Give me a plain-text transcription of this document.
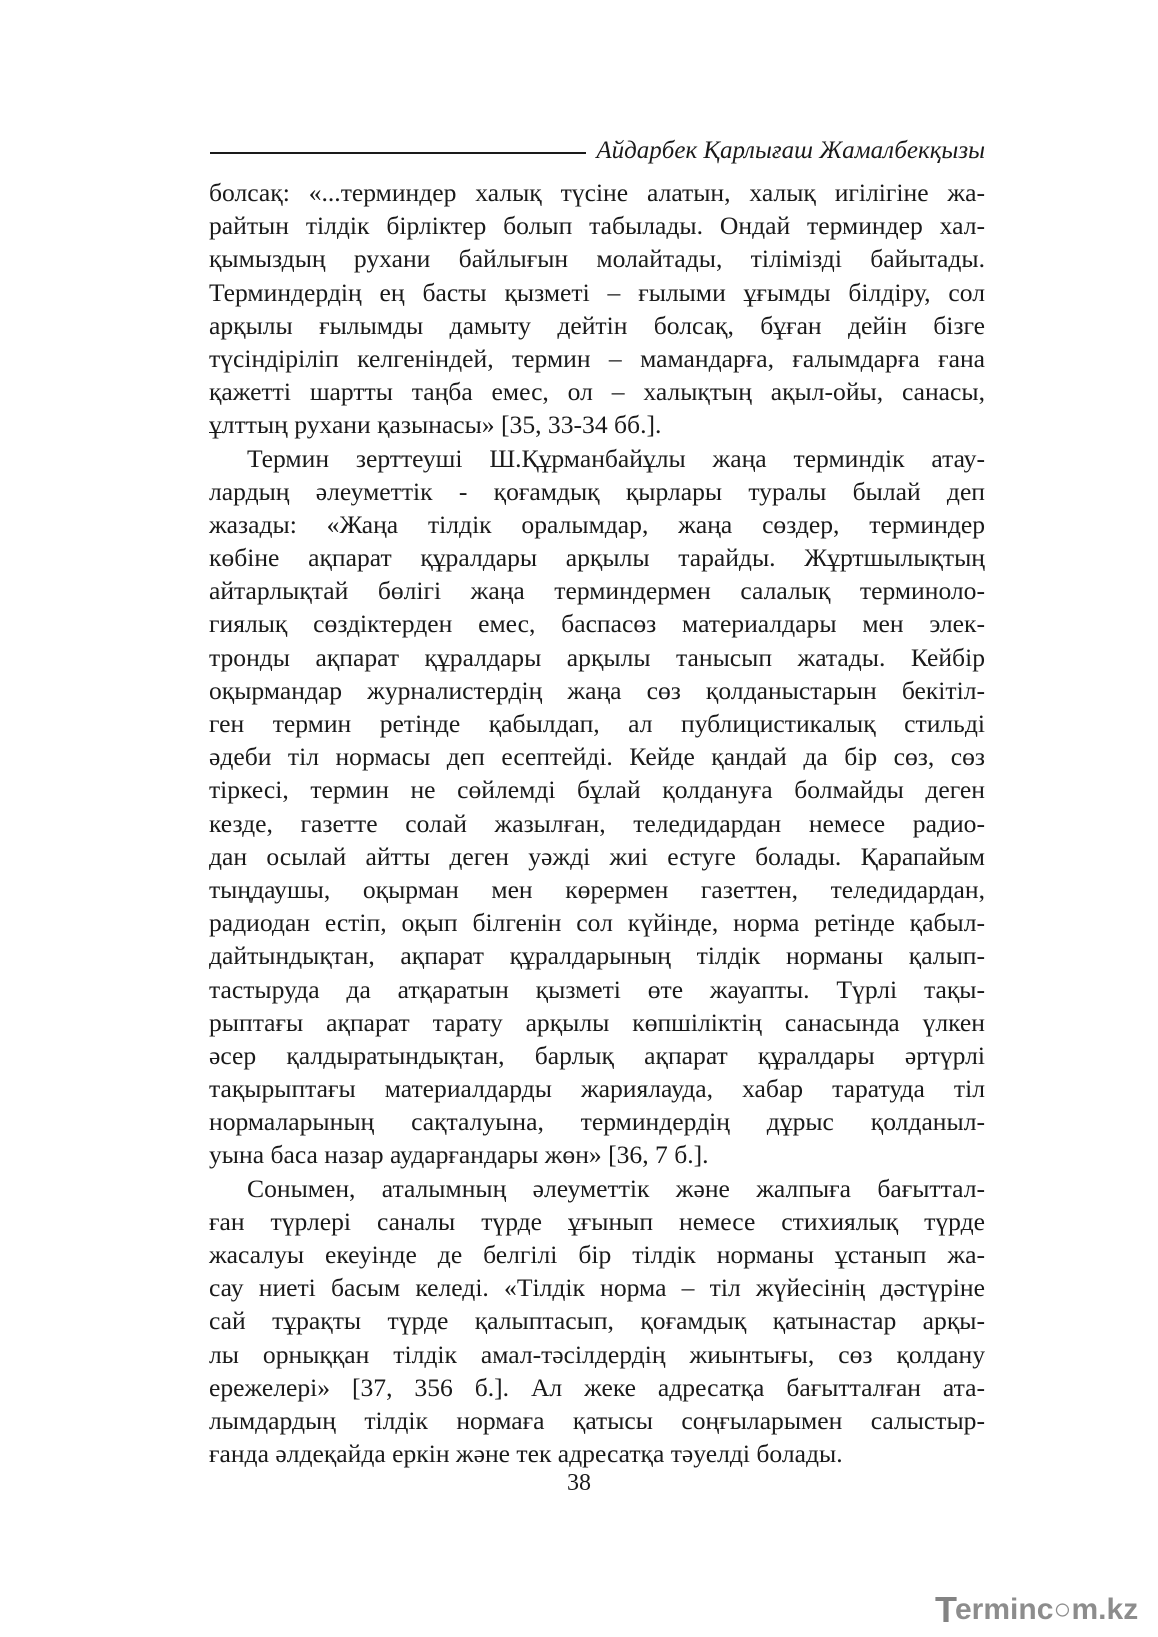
Айдарбек Қарлығаш Жамалбекқызы
болсақ: «...терминдер халық түсіне алатын, халық игілігіне жа-
райтын тілдік бірліктер болып табылады. Ондай терминдер хал-
қымыздың рухани байлығын молайтады, тілімізді байытады.
Терминдердің ең басты қызметі – ғылыми ұғымды білдіру, сол
арқылы ғылымды дамыту дейтін болсақ, бұған дейін бізге
түсіндіріліп келгеніндей, термин – мамандарға, ғалымдарға ғана
қажетті шартты таңба емес, ол – халықтың ақыл-ойы, санасы,
ұлттың рухани қазынасы» [35, 33-34 бб.].
Термин зерттеуші Ш.Құрманбайұлы жаңа терминдік атау-
лардың әлеуметтік - қоғамдық қырлары туралы былай деп
жазады: «Жаңа тілдік оралымдар, жаңа сөздер, терминдер
көбіне ақпарат құралдары арқылы тарайды. Жұртшылықтың
айтарлықтай бөлігі жаңа терминдермен салалық терминоло-
гиялық сөздіктерден емес, баспасөз материалдары мен элек-
тронды ақпарат құралдары арқылы танысып жатады. Кейбір
оқырмандар журналистердің жаңа сөз қолданыстарын бекітіл-
ген термин ретінде қабылдап, ал публицистикалық стильді
әдеби тіл нормасы деп есептейді. Кейде қандай да бір сөз, сөз
тіркесі, термин не сөйлемді бұлай қолдануға болмайды деген
кезде, газетте солай жазылған, теледидардан немесе радио-
дан осылай айтты деген уәжді жиі естуге болады. Қарапайым
тыңдаушы, оқырман мен көрермен газеттен, теледидардан,
радиодан естіп, оқып білгенін сол күйінде, норма ретінде қабыл-
дайтындықтан, ақпарат құралдарының тілдік норманы қалып-
тастыруда да атқаратын қызметі өте жауапты. Түрлі тақы-
рыптағы ақпарат тарату арқылы көпшіліктің санасында үлкен
әсер қалдыратындықтан, барлық ақпарат құралдары әртүрлі
тақырыптағы материалдарды жариялауда, хабар таратуда тіл
нормаларының сақталуына, терминдердің дұрыс қолданыл-
уына баса назар аударғандары жөн» [36, 7 б.].
Сонымен, аталымның әлеуметтік және жалпыға бағыттал-
ған түрлері саналы түрде ұғынып немесе стихиялық түрде
жасалуы екеуінде де белгілі бір тілдік норманы ұстанып жа-
сау ниеті басым келеді. «Тілдік норма – тіл жүйесінің дәстүріне
сай тұрақты түрде қалыптасып, қоғамдық қатынастар арқы-
лы орныққан тілдік амал-тәсілдердің жиынтығы, сөз қолдану
ережелері» [37, 356 б.]. Ал жеке адресатқа бағытталған ата-
лымдардың тілдік нормаға қатысы соңғыларымен салыстыр-
ғанда әлдеқайда еркін және тек адресатқа тәуелді болады.
38
T
erminc○m.kz
